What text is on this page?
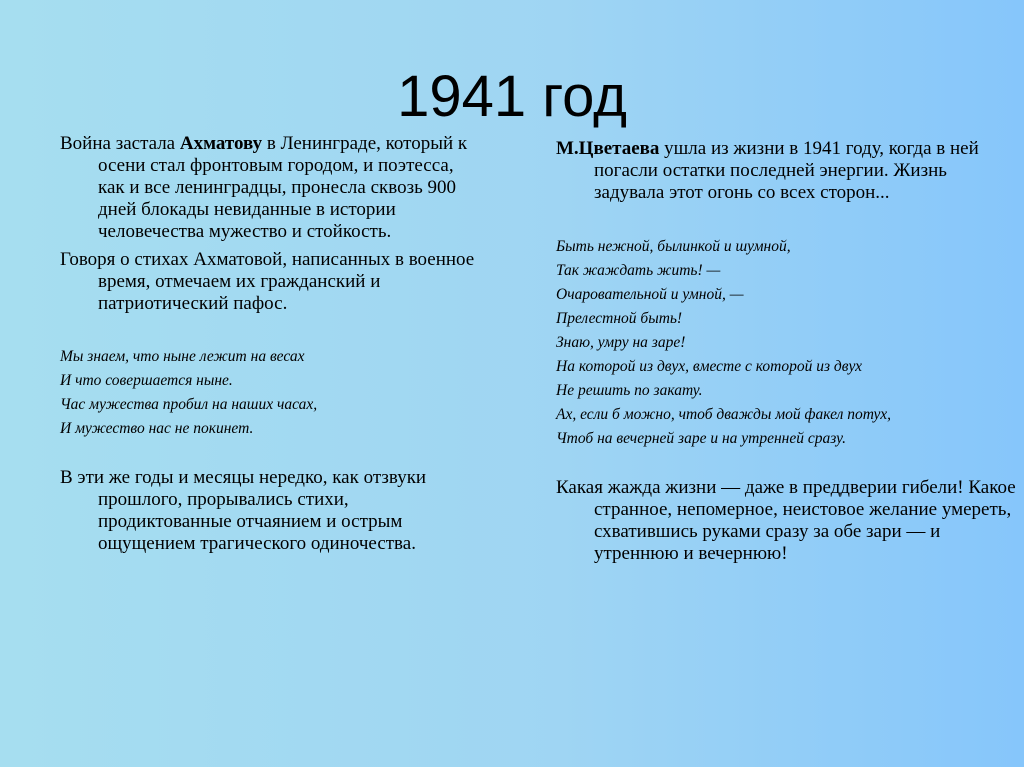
1941 год

Война застала Ахматову в Ленинграде, который к осени стал фронтовым городом, и поэтесса, как и все ленинградцы, пронесла сквозь 900 дней блокады невиданные в истории человечества мужество и стойкость.

Говоря о стихах Ахматовой, написанных в военное время, отмечаем их гражданский и патриотический пафос.

Мы знаем, что ныне лежит на весах
И что совершается ныне.
Час мужества пробил на наших часах,
И мужество нас не покинет.

В эти же годы и месяцы нередко, как отзвуки прошлого, прорывались стихи, продиктованные отчаянием и острым ощущением трагического одиночества.

М.Цветаева ушла из жизни в 1941 году, когда в ней погасли остатки последней энергии. Жизнь задувала этот огонь со всех сторон...

Быть нежной, былинкой и шумной,
Так жаждать жить! —
Очаровательной и умной, —
Прелестной быть!
Знаю, умру на заре!
На которой из двух, вместе с которой из двух
Не решить по закату.
Ах, если б можно, чтоб дважды мой факел потух,
Чтоб на вечерней заре и на утренней сразу.

Какая жажда жизни — даже в преддверии гибели! Какое странное, непомерное, неистовое желание умереть, схватившись руками сразу за обе зари — и утреннюю и вечернюю!
